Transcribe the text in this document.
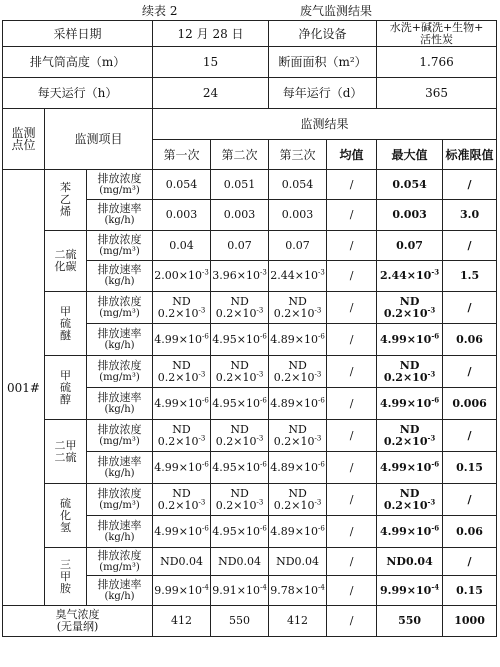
续表 2	废气监测结果
采样日期			12 月 28 日		净化设备		水洗+碱洗+生物+
活性炭	

排气筒高度（m）			15		断面面积（m²）		1.766	
每天运行（h）			24		每年运行（d）		365	

监测
点位	监测项目		监测结果					
			第一次	第二次	第三次	均值	最大值	标准限值
001#	苯
乙
烯	排放浓度
(mg/m³)	0.054	0.051	0.054	/	0.054	/

		排放速率
(kg/h)	0.003	0.003	0.003	/	0.003	3.0

	二硫
化碳	排放浓度
(mg/m³)	0.04	0.07	0.07	/	0.07	/

		排放速率
(kg/h)	$2.00\times 10^{-3}$	$3.96\times 10^{-3}$	$2.44\times 10^{-3}$	/	$2.44\times 10^{-3}$	1.5

	甲
硫
醚	排放浓度
(mg/m³)	ND
$0.2\times 10^{-3}$	ND
$0.2\times 10^{-3}$	ND
$0.2\times 10^{-3}$	/	ND
$0.2\times 10^{-3}$	/

		排放速率
(kg/h)	$4.99\times 10^{-6}$	$4.95\times 10^{-6}$	$4.89\times 10^{-6}$	/	$4.99\times 10^{-6}$	0.06

	甲
硫
醇	排放浓度
(mg/m³)	ND
$0.2\times 10^{-3}$	ND
$0.2\times 10^{-3}$	ND
$0.2\times 10^{-3}$	/	ND
$0.2\times 10^{-3}$	/

		排放速率
(kg/h)	$4.99\times 10^{-6}$	$4.95\times 10^{-6}$	$4.89\times 10^{-6}$	/	$4.99\times 10^{-6}$	0.006

	二甲
二硫	排放浓度
(mg/m³)	ND
$0.2\times 10^{-3}$	ND
$0.2\times 10^{-3}$	ND
$0.2\times 10^{-3}$	/	ND
$0.2\times 10^{-3}$	/

		排放速率
(kg/h)	$4.99\times 10^{-6}$	$4.95\times 10^{-6}$	$4.89\times 10^{-6}$	/	$4.99\times 10^{-6}$	0.15

	硫
化
氢	排放浓度
(mg/m³)	ND
$0.2\times 10^{-3}$	ND
$0.2\times 10^{-3}$	ND
$0.2\times 10^{-3}$	/	ND
$0.2\times 10^{-3}$	/

		排放速率
(kg/h)	$4.99\times 10^{-6}$	$4.95\times 10^{-6}$	$4.89\times 10^{-6}$	/	$4.99\times 10^{-6}$	0.06

	三
甲
胺	排放浓度
(mg/m³)	ND0.04	ND0.04	ND0.04	/	ND0.04	/

		排放速率
(kg/h)	$9.99\times 10^{-4}$	$9.91\times 10^{-4}$	$9.78\times 10^{-4}$	/	$9.99\times 10^{-4}$	0.15

臭气浓度
(无量纲)			412	550	412	/	550	1000
